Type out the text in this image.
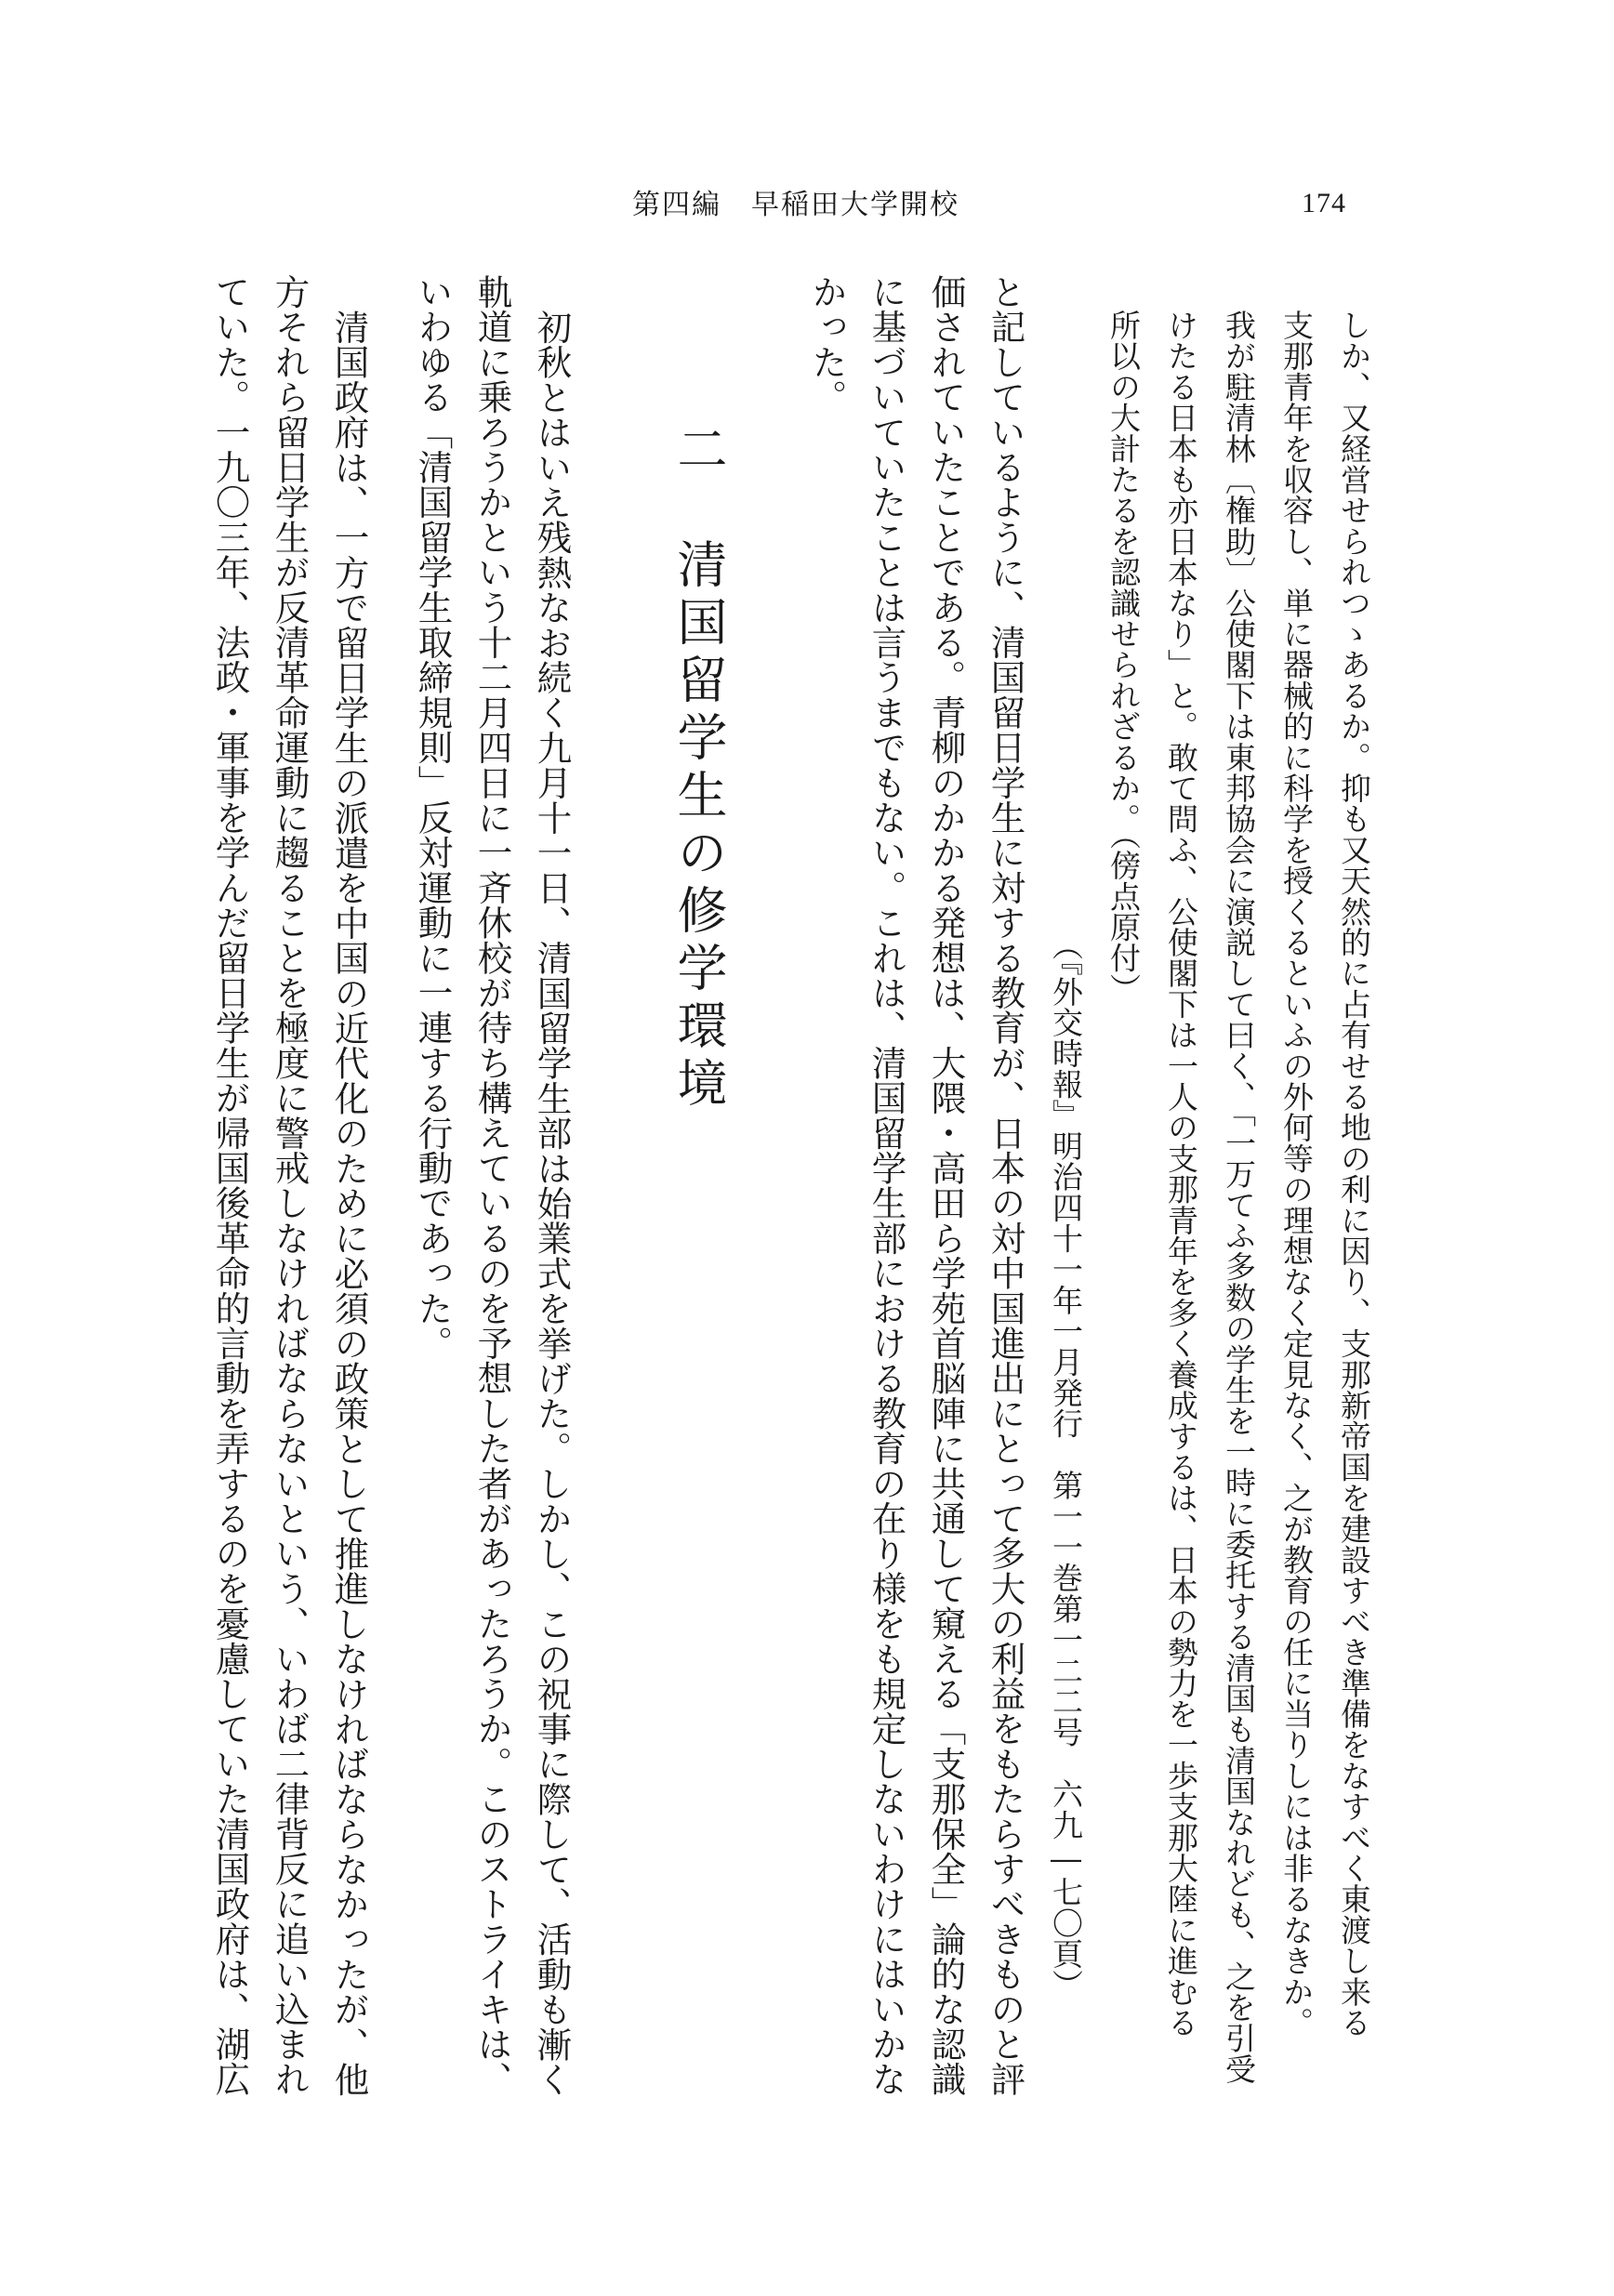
第四編　早稲田大学開校	174
しか、又経営せられつゝあるか。抑も又天然的に占有せる地の利に因り、支那新帝国を建設すべき準備をなすべく東渡し来る
支那青年を収容し、単に器械的に科学を授くるといふの外何等の理想なく定見なく、之が教育の任に当りしには非るなきか。
我が駐清林〔権助〕公使閣下は東邦協会に演説して曰く、「一万てふ多数の学生を一時に委托する清国も清国なれども、之を引受
けたる日本も亦日本なり」と。敢て問ふ、公使閣下は一人の支那青年を多く養成するは、日本の勢力を一歩支那大陸に進むる
所以の大計たるを認識せられざるか。（傍点原付）
（『外交時報』明治四十一年一月発行　第一一巻第一二二号　六九―七〇頁）
と記しているように、清国留日学生に対する教育が、日本の対中国進出にとって多大の利益をもたらすべきものと評
価されていたことである。青柳のかかる発想は、大隈・高田ら学苑首脳陣に共通して窺える「支那保全」論的な認識
に基づいていたことは言うまでもない。これは、清国留学生部における教育の在り様をも規定しないわけにはいかな
かった。
二　清国留学生の修学環境
初秋とはいえ残熱なお続く九月十一日、清国留学生部は始業式を挙げた。しかし、この祝事に際して、活動も漸く
軌道に乗ろうかという十二月四日に一斉休校が待ち構えているのを予想した者があったろうか。このストライキは、
いわゆる「清国留学生取締規則」反対運動に一連する行動であった。
清国政府は、一方で留日学生の派遣を中国の近代化のために必須の政策として推進しなければならなかったが、他
方それら留日学生が反清革命運動に趨ることを極度に警戒しなければならないという、いわば二律背反に追い込まれ
ていた。一九〇三年、法政・軍事を学んだ留日学生が帰国後革命的言動を弄するのを憂慮していた清国政府は、湖広
